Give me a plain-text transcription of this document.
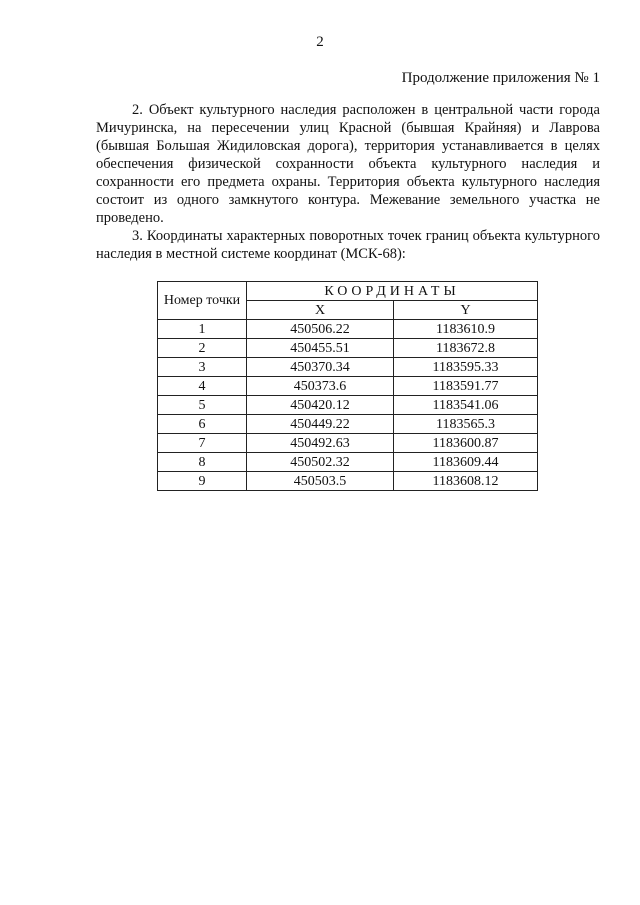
2
Продолжение приложения № 1

2. Объект культурного наследия расположен в центральной части города Мичуринска, на пересечении улиц Красной (бывшая Крайняя) и Лаврова (бывшая Большая Жидиловская дорога), территория устанавливается в целях обеспечения физической сохранности объекта культурного наследия и сохранности его предмета охраны. Территория объекта культурного наследия состоит из одного замкнутого контура. Межевание земельного участка не проведено.

3. Координаты характерных поворотных точек границ объекта культурного наследия в местной системе координат (МСК-68):

Номер точки	КООРДИНАТЫ	
	X	Y
1	450506.22	1183610.9
2	450455.51	1183672.8
3	450370.34	1183595.33
4	450373.6	1183591.77
5	450420.12	1183541.06
6	450449.22	1183565.3
7	450492.63	1183600.87
8	450502.32	1183609.44
9	450503.5	1183608.12
